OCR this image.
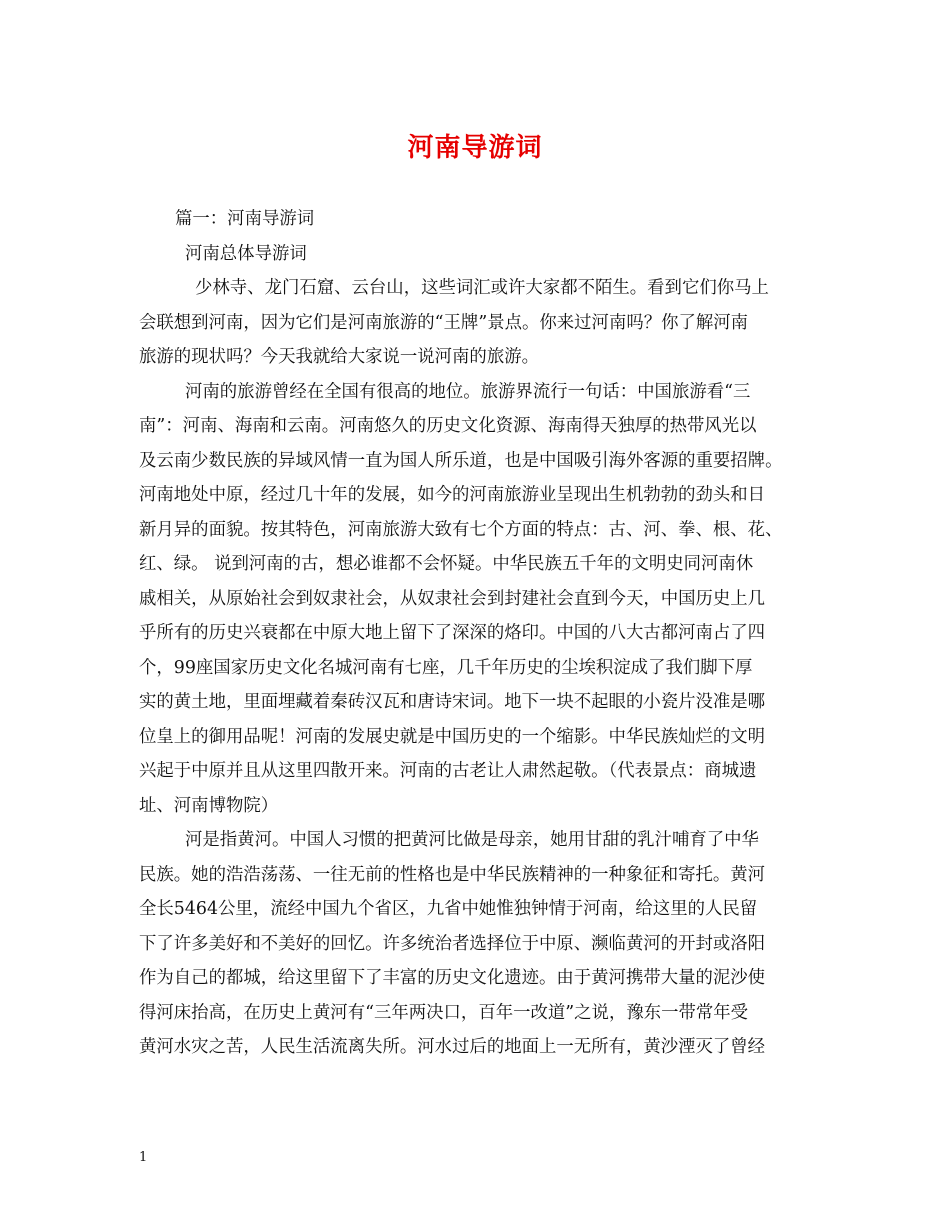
河南导游词
篇一：河南导游词
河南总体导游词
少林寺、龙门石窟、云台山，这些词汇或许大家都不陌生。看到它们你马上
会联想到河南，因为它们是河南旅游的“王牌”景点。你来过河南吗？你了解河南
旅游的现状吗？今天我就给大家说一说河南的旅游。
河南的旅游曾经在全国有很高的地位。旅游界流行一句话：中国旅游看“三
南”：河南、海南和云南。河南悠久的历史文化资源、海南得天独厚的热带风光以
及云南少数民族的异域风情一直为国人所乐道，也是中国吸引海外客源的重要招牌。
河南地处中原，经过几十年的发展，如今的河南旅游业呈现出生机勃勃的劲头和日
新月异的面貌。按其特色，河南旅游大致有七个方面的特点：古、河、拳、根、花、
红、绿。 说到河南的古，想必谁都不会怀疑。中华民族五千年的文明史同河南休
戚相关，从原始社会到奴隶社会，从奴隶社会到封建社会直到今天，中国历史上几
乎所有的历史兴衰都在中原大地上留下了深深的烙印。中国的八大古都河南占了四
个，99座国家历史文化名城河南有七座，几千年历史的尘埃积淀成了我们脚下厚
实的黄土地，里面埋藏着秦砖汉瓦和唐诗宋词。地下一块不起眼的小瓷片没准是哪
位皇上的御用品呢！河南的发展史就是中国历史的一个缩影。中华民族灿烂的文明
兴起于中原并且从这里四散开来。河南的古老让人肃然起敬。（代表景点：商城遗
址、河南博物院）
河是指黄河。中国人习惯的把黄河比做是母亲，她用甘甜的乳汁哺育了中华
民族。她的浩浩荡荡、一往无前的性格也是中华民族精神的一种象征和寄托。黄河
全长5464公里，流经中国九个省区，九省中她惟独钟情于河南，给这里的人民留
下了许多美好和不美好的回忆。许多统治者选择位于中原、濒临黄河的开封或洛阳
作为自己的都城，给这里留下了丰富的历史文化遗迹。由于黄河携带大量的泥沙使
得河床抬高，在历史上黄河有“三年两决口，百年一改道”之说，豫东一带常年受
黄河水灾之苦，人民生活流离失所。河水过后的地面上一无所有，黄沙湮灭了曾经
1
